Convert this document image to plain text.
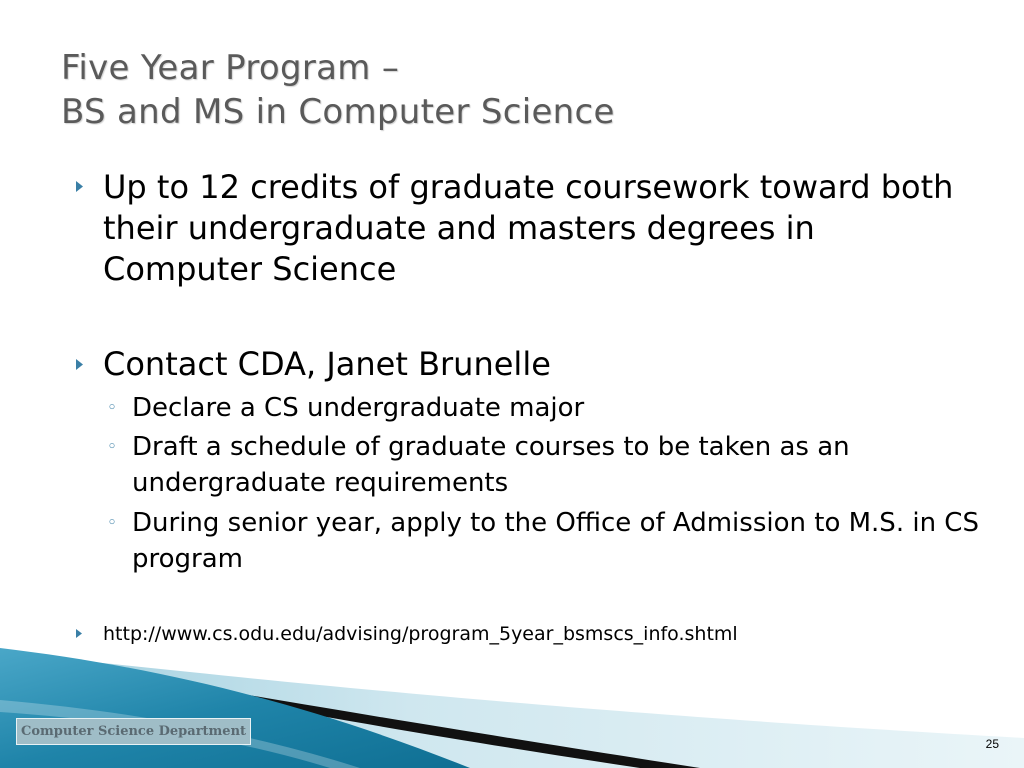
Five Year Program –
BS and MS in Computer Science

Up to 12 credits of graduate coursework toward both their undergraduate and masters degrees in Computer Science

Contact CDA, Janet Brunelle

◦ Declare a CS undergraduate major

◦ Draft a schedule of graduate courses to be taken as an undergraduate requirements

◦ During senior year, apply to the Office of Admission to M.S. in CS program

http://www.cs.odu.edu/advising/program_5year_bsmscs_info.shtml

Computer Science Department
25
